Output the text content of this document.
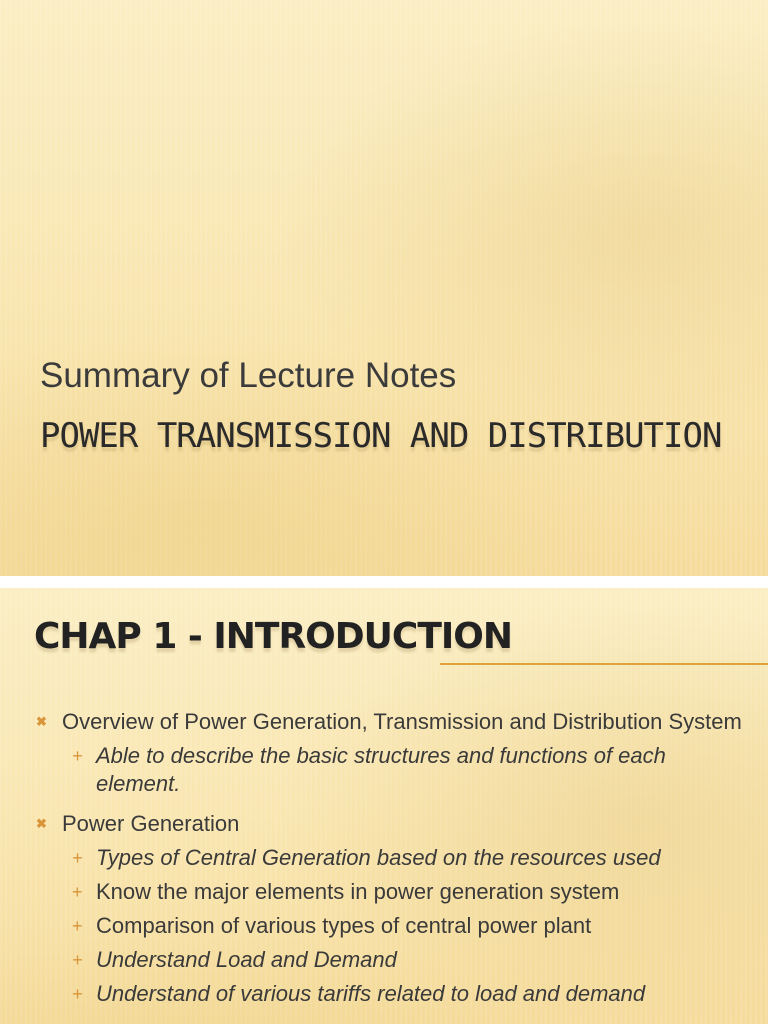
Summary of Lecture Notes
POWER TRANSMISSION AND DISTRIBUTION
CHAP 1 - INTRODUCTION
✖ Overview of Power Generation, Transmission and Distribution System
+ Able to describe the basic structures and functions of each element.
✖ Power Generation
+ Types of Central Generation based on the resources used
+ Know the major elements in power generation system
+ Comparison of various types of central power plant
+ Understand Load and Demand
+ Understand of various tariffs related to load and demand
